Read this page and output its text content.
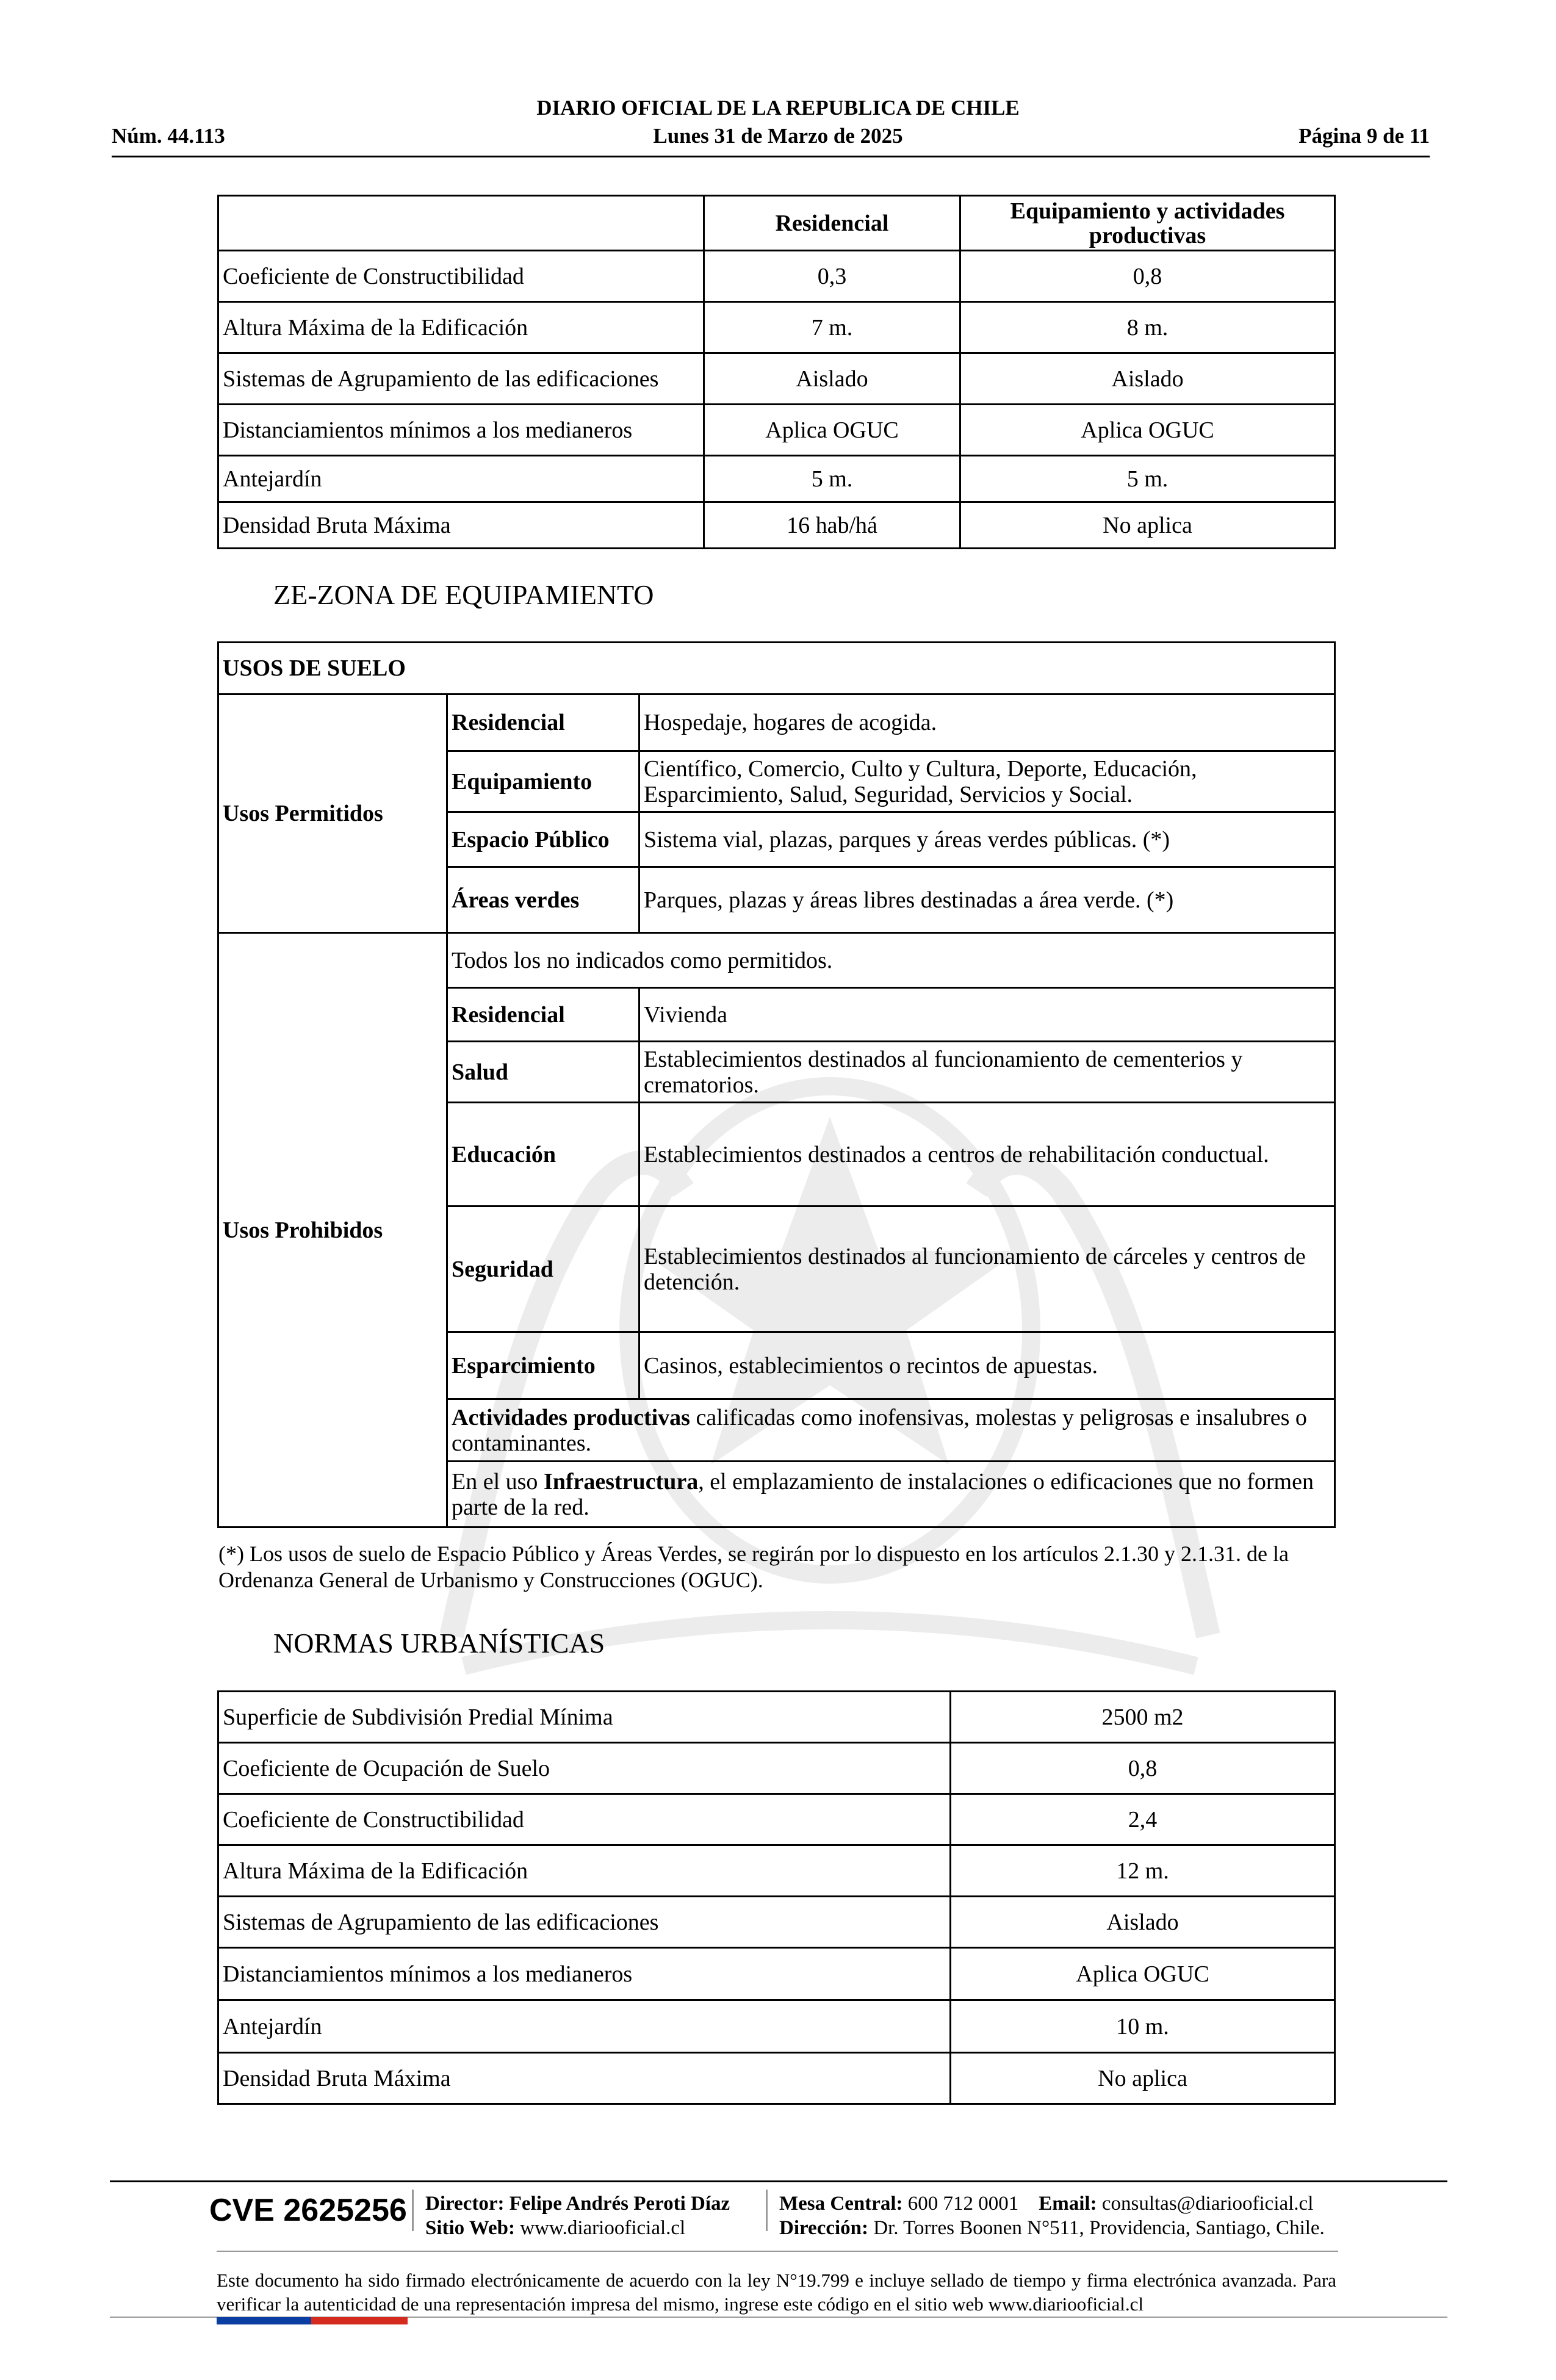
DIARIO OFICIAL DE LA REPUBLICA DE CHILE
Núm. 44.113	Lunes 31 de Marzo de 2025	Página 9 de 11
	Residencial	Equipamiento y actividades productivas
Coeficiente de Constructibilidad	0,3	0,8
Altura Máxima de la Edificación	7 m.	8 m.
Sistemas de Agrupamiento de las edificaciones	Aislado	Aislado
Distanciamientos mínimos a los medianeros	Aplica OGUC	Aplica OGUC
Antejardín	5 m.	5 m.
Densidad Bruta Máxima	16 hab/há	No aplica
ZE-ZONA DE EQUIPAMIENTO
USOS DE SUELO		
Usos Permitidos	Residencial	Hospedaje, hogares de acogida.
	Equipamiento	Científico, Comercio, Culto y Cultura, Deporte, Educación, Esparcimiento, Salud, Seguridad, Servicios y Social.
	Espacio Público	Sistema vial, plazas, parques y áreas verdes públicas. (*)
	Áreas verdes	Parques, plazas y áreas libres destinadas a área verde. (*)
Usos Prohibidos	Todos los no indicados como permitidos.	
	Residencial	Vivienda
	Salud	Establecimientos destinados al funcionamiento de cementerios y crematorios.
	Educación	Establecimientos destinados a centros de rehabilitación conductual.
	Seguridad	Establecimientos destinados al funcionamiento de cárceles y centros de detención.
	Esparcimiento	Casinos, establecimientos o recintos de apuestas.
	Actividades productivas calificadas como inofensivas, molestas y peligrosas e insalubres o contaminantes.	
	En el uso Infraestructura, el emplazamiento de instalaciones o edificaciones que no formen parte de la red.	
(*) Los usos de suelo de Espacio Público y Áreas Verdes, se regirán por lo dispuesto en los artículos 2.1.30 y 2.1.31. de la Ordenanza General de Urbanismo y Construcciones (OGUC).
NORMAS URBANÍSTICAS
Superficie de Subdivisión Predial Mínima	2500 m2
Coeficiente de Ocupación de Suelo	0,8
Coeficiente de Constructibilidad	2,4
Altura Máxima de la Edificación	12 m.
Sistemas de Agrupamiento de las edificaciones	Aislado
Distanciamientos mínimos a los medianeros	Aplica OGUC
Antejardín	10 m.
Densidad Bruta Máxima	No aplica
CVE 2625256 Director: Felipe Andrés Peroti Díaz
Sitio Web: www.diariooficial.cl
Mesa Central: 600 712 0001 Email: consultas@diariooficial.cl
Dirección: Dr. Torres Boonen N°511, Providencia, Santiago, Chile.
Este documento ha sido firmado electrónicamente de acuerdo con la ley N°19.799 e incluye sellado de tiempo y firma electrónica avanzada. Para verificar la autenticidad de una representación impresa del mismo, ingrese este código en el sitio web www.diariooficial.cl
